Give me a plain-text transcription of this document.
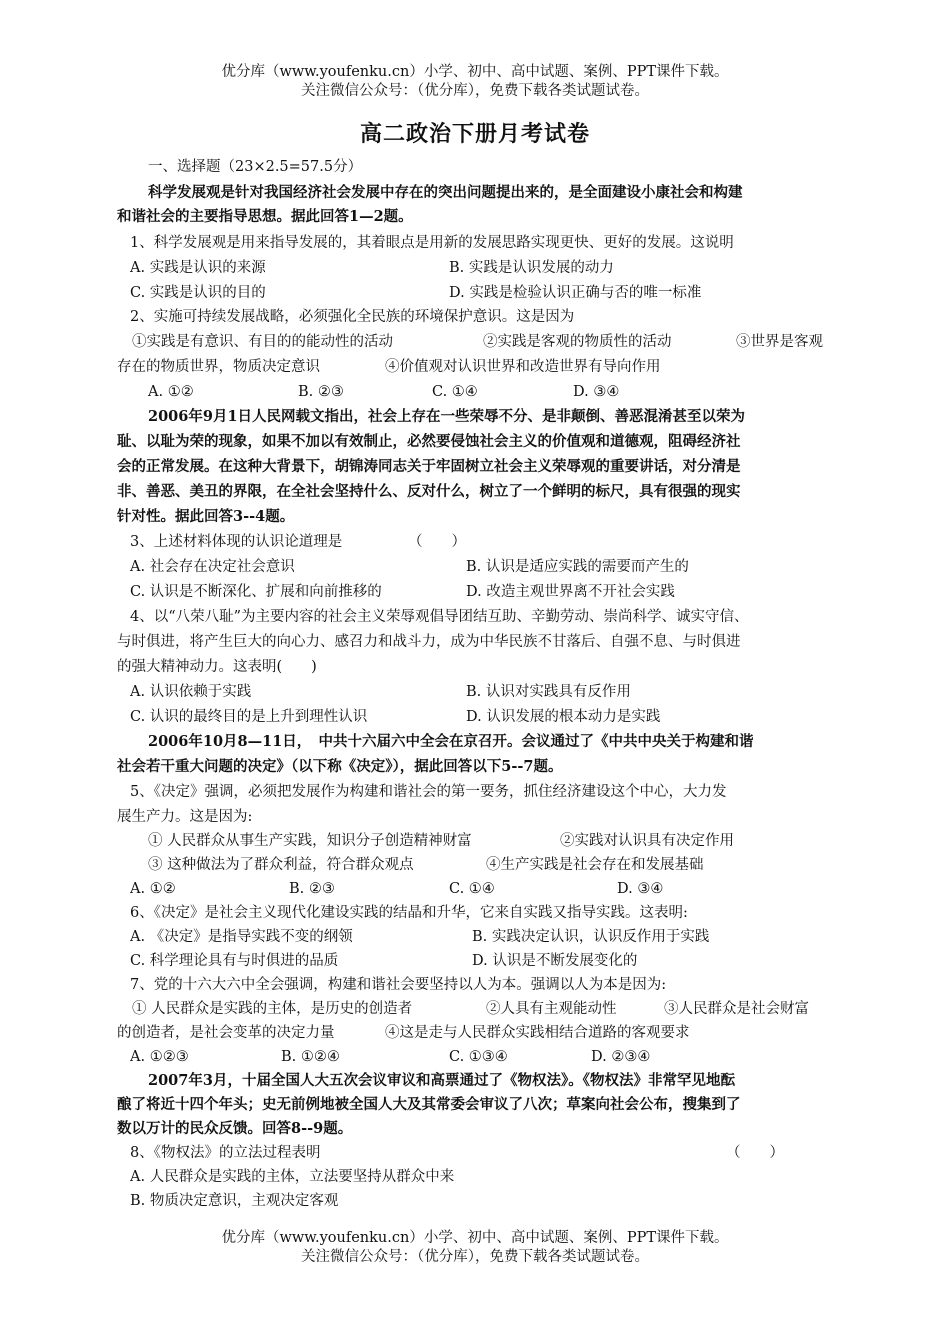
优分库（www.youfenku.cn）小学、初中、高中试题、案例、PPT课件下载。
关注微信公众号：（优分库），免费下载各类试题试卷。
高二政治下册月考试卷
一、选择题（23×2.5=57.5分）
科学发展观是针对我国经济社会发展中存在的突出问题提出来的，是全面建设小康社会和构建
和谐社会的主要指导思想。据此回答1—2题。
1、科学发展观是用来指导发展的，其着眼点是用新的发展思路实现更快、更好的发展。这说明
A. 实践是认识的来源	B. 实践是认识发展的动力
C. 实践是认识的目的	D. 实践是检验认识正确与否的唯一标准
2、实施可持续发展战略，必须强化全民族的环境保护意识。这是因为
①实践是有意识、有目的的能动性的活动	②实践是客观的物质性的活动	③世界是客观
存在的物质世界，物质决定意识	④价值观对认识世界和改造世界有导向作用
A. ①②	B. ②③	C. ①④	D. ③④
2006年9月1日人民网载文指出，社会上存在一些荣辱不分、是非颠倒、善恶混淆甚至以荣为
耻、以耻为荣的现象，如果不加以有效制止，必然要侵蚀社会主义的价值观和道德观，阻碍经济社
会的正常发展。在这种大背景下，胡锦涛同志关于牢固树立社会主义荣辱观的重要讲话，对分清是
非、善恶、美丑的界限，在全社会坚持什么、反对什么，树立了一个鲜明的标尺，具有很强的现实
针对性。据此回答3--4题。
3、上述材料体现的认识论道理是	（　　）
A. 社会存在决定社会意识	B. 认识是适应实践的需要而产生的
C. 认识是不断深化、扩展和向前推移的	D. 改造主观世界离不开社会实践
4、以“八荣八耻”为主要内容的社会主义荣辱观倡导团结互助、辛勤劳动、崇尚科学、诚实守信、
与时俱进，将产生巨大的向心力、感召力和战斗力，成为中华民族不甘落后、自强不息、与时俱进
的强大精神动力。这表明(　　)
A. 认识依赖于实践	B. 认识对实践具有反作用
C. 认识的最终目的是上升到理性认识	D. 认识发展的根本动力是实践
2006年10月8—11日，　中共十六届六中全会在京召开。会议通过了《中共中央关于构建和谐
社会若干重大问题的决定》（以下称《决定》），据此回答以下5--7题。
5、《决定》强调，必须把发展作为构建和谐社会的第一要务，抓住经济建设这个中心，大力发
展生产力。这是因为:
① 人民群众从事生产实践，知识分子创造精神财富	②实践对认识具有决定作用
③ 这种做法为了群众利益，符合群众观点	④生产实践是社会存在和发展基础
A. ①②	B. ②③	C. ①④	D. ③④
6、《决定》是社会主义现代化建设实践的结晶和升华，它来自实践又指导实践。这表明:
A. 《决定》是指导实践不变的纲领	B. 实践决定认识，认识反作用于实践
C. 科学理论具有与时俱进的品质	D. 认识是不断发展变化的
7、党的十六大六中全会强调，构建和谐社会要坚持以人为本。强调以人为本是因为:
① 人民群众是实践的主体，是历史的创造者	②人具有主观能动性	③人民群众是社会财富
的创造者，是社会变革的决定力量	④这是走与人民群众实践相结合道路的客观要求
A. ①②③	B. ①②④	C. ①③④	D. ②③④
2007年3月，十届全国人大五次会议审议和高票通过了《物权法》。《物权法》非常罕见地酝
酿了将近十四个年头；史无前例地被全国人大及其常委会审议了八次；草案向社会公布，搜集到了
数以万计的民众反馈。回答8--9题。
8、《物权法》的立法过程表明	（　　）
A. 人民群众是实践的主体，立法要坚持从群众中来
B. 物质决定意识，主观决定客观
优分库（www.youfenku.cn）小学、初中、高中试题、案例、PPT课件下载。
关注微信公众号：（优分库），免费下载各类试题试卷。
